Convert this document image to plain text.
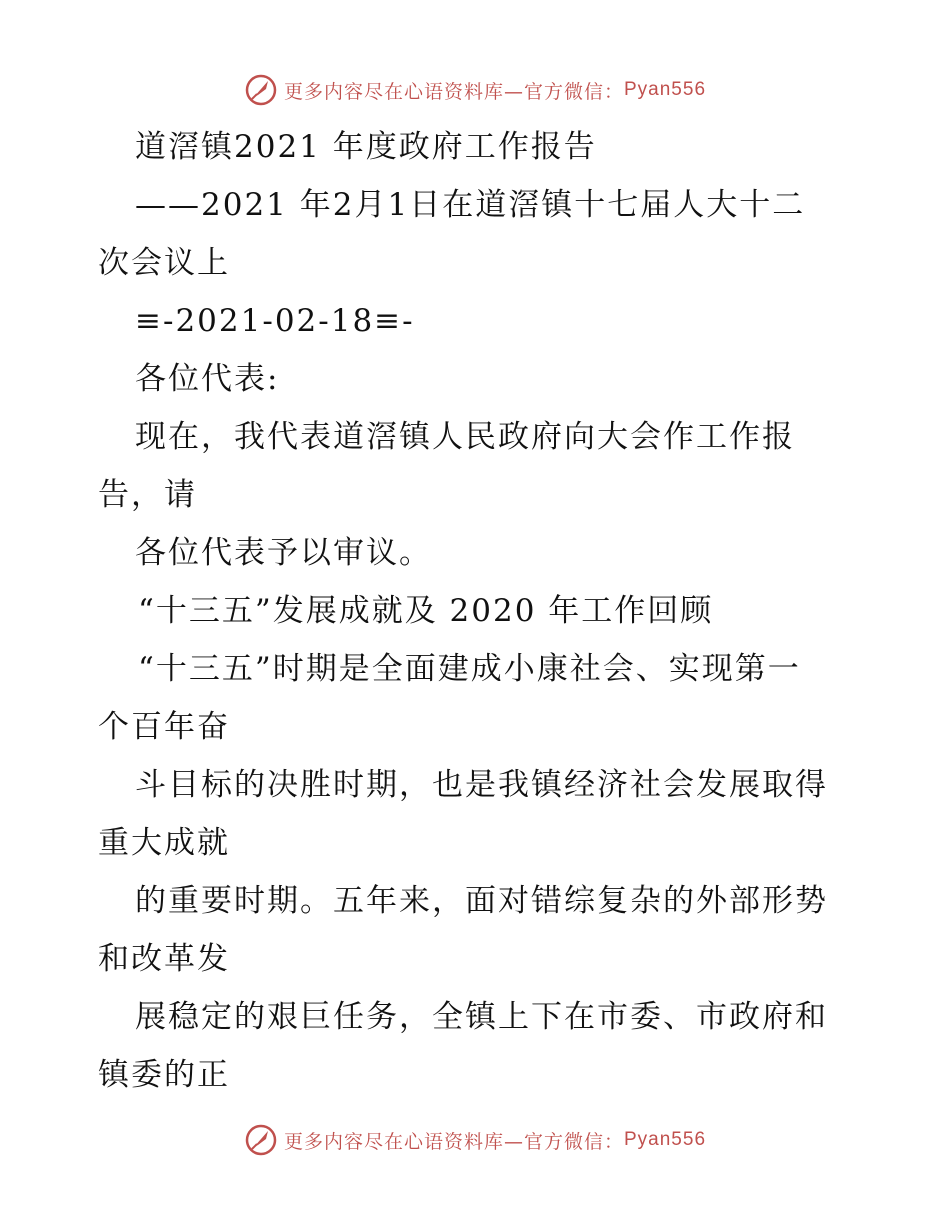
更多内容尽在心语资料库—官方微信： Pyan556
道滘镇2021 年度政府工作报告
——2021 年2月1日在道滘镇十七届人大十二
次会议上
≡-2021-02-18≡-
各位代表:
现在，我代表道滘镇人民政府向大会作工作报
告，请
各位代表予以审议。
“十三五”发展成就及 2020 年工作回顾
“十三五”时期是全面建成小康社会、实现第一
个百年奋
斗目标的决胜时期，也是我镇经济社会发展取得
重大成就
的重要时期。五年来，面对错综复杂的外部形势
和改革发
展稳定的艰巨任务，全镇上下在市委、市政府和
镇委的正
更多内容尽在心语资料库—官方微信： Pyan556
